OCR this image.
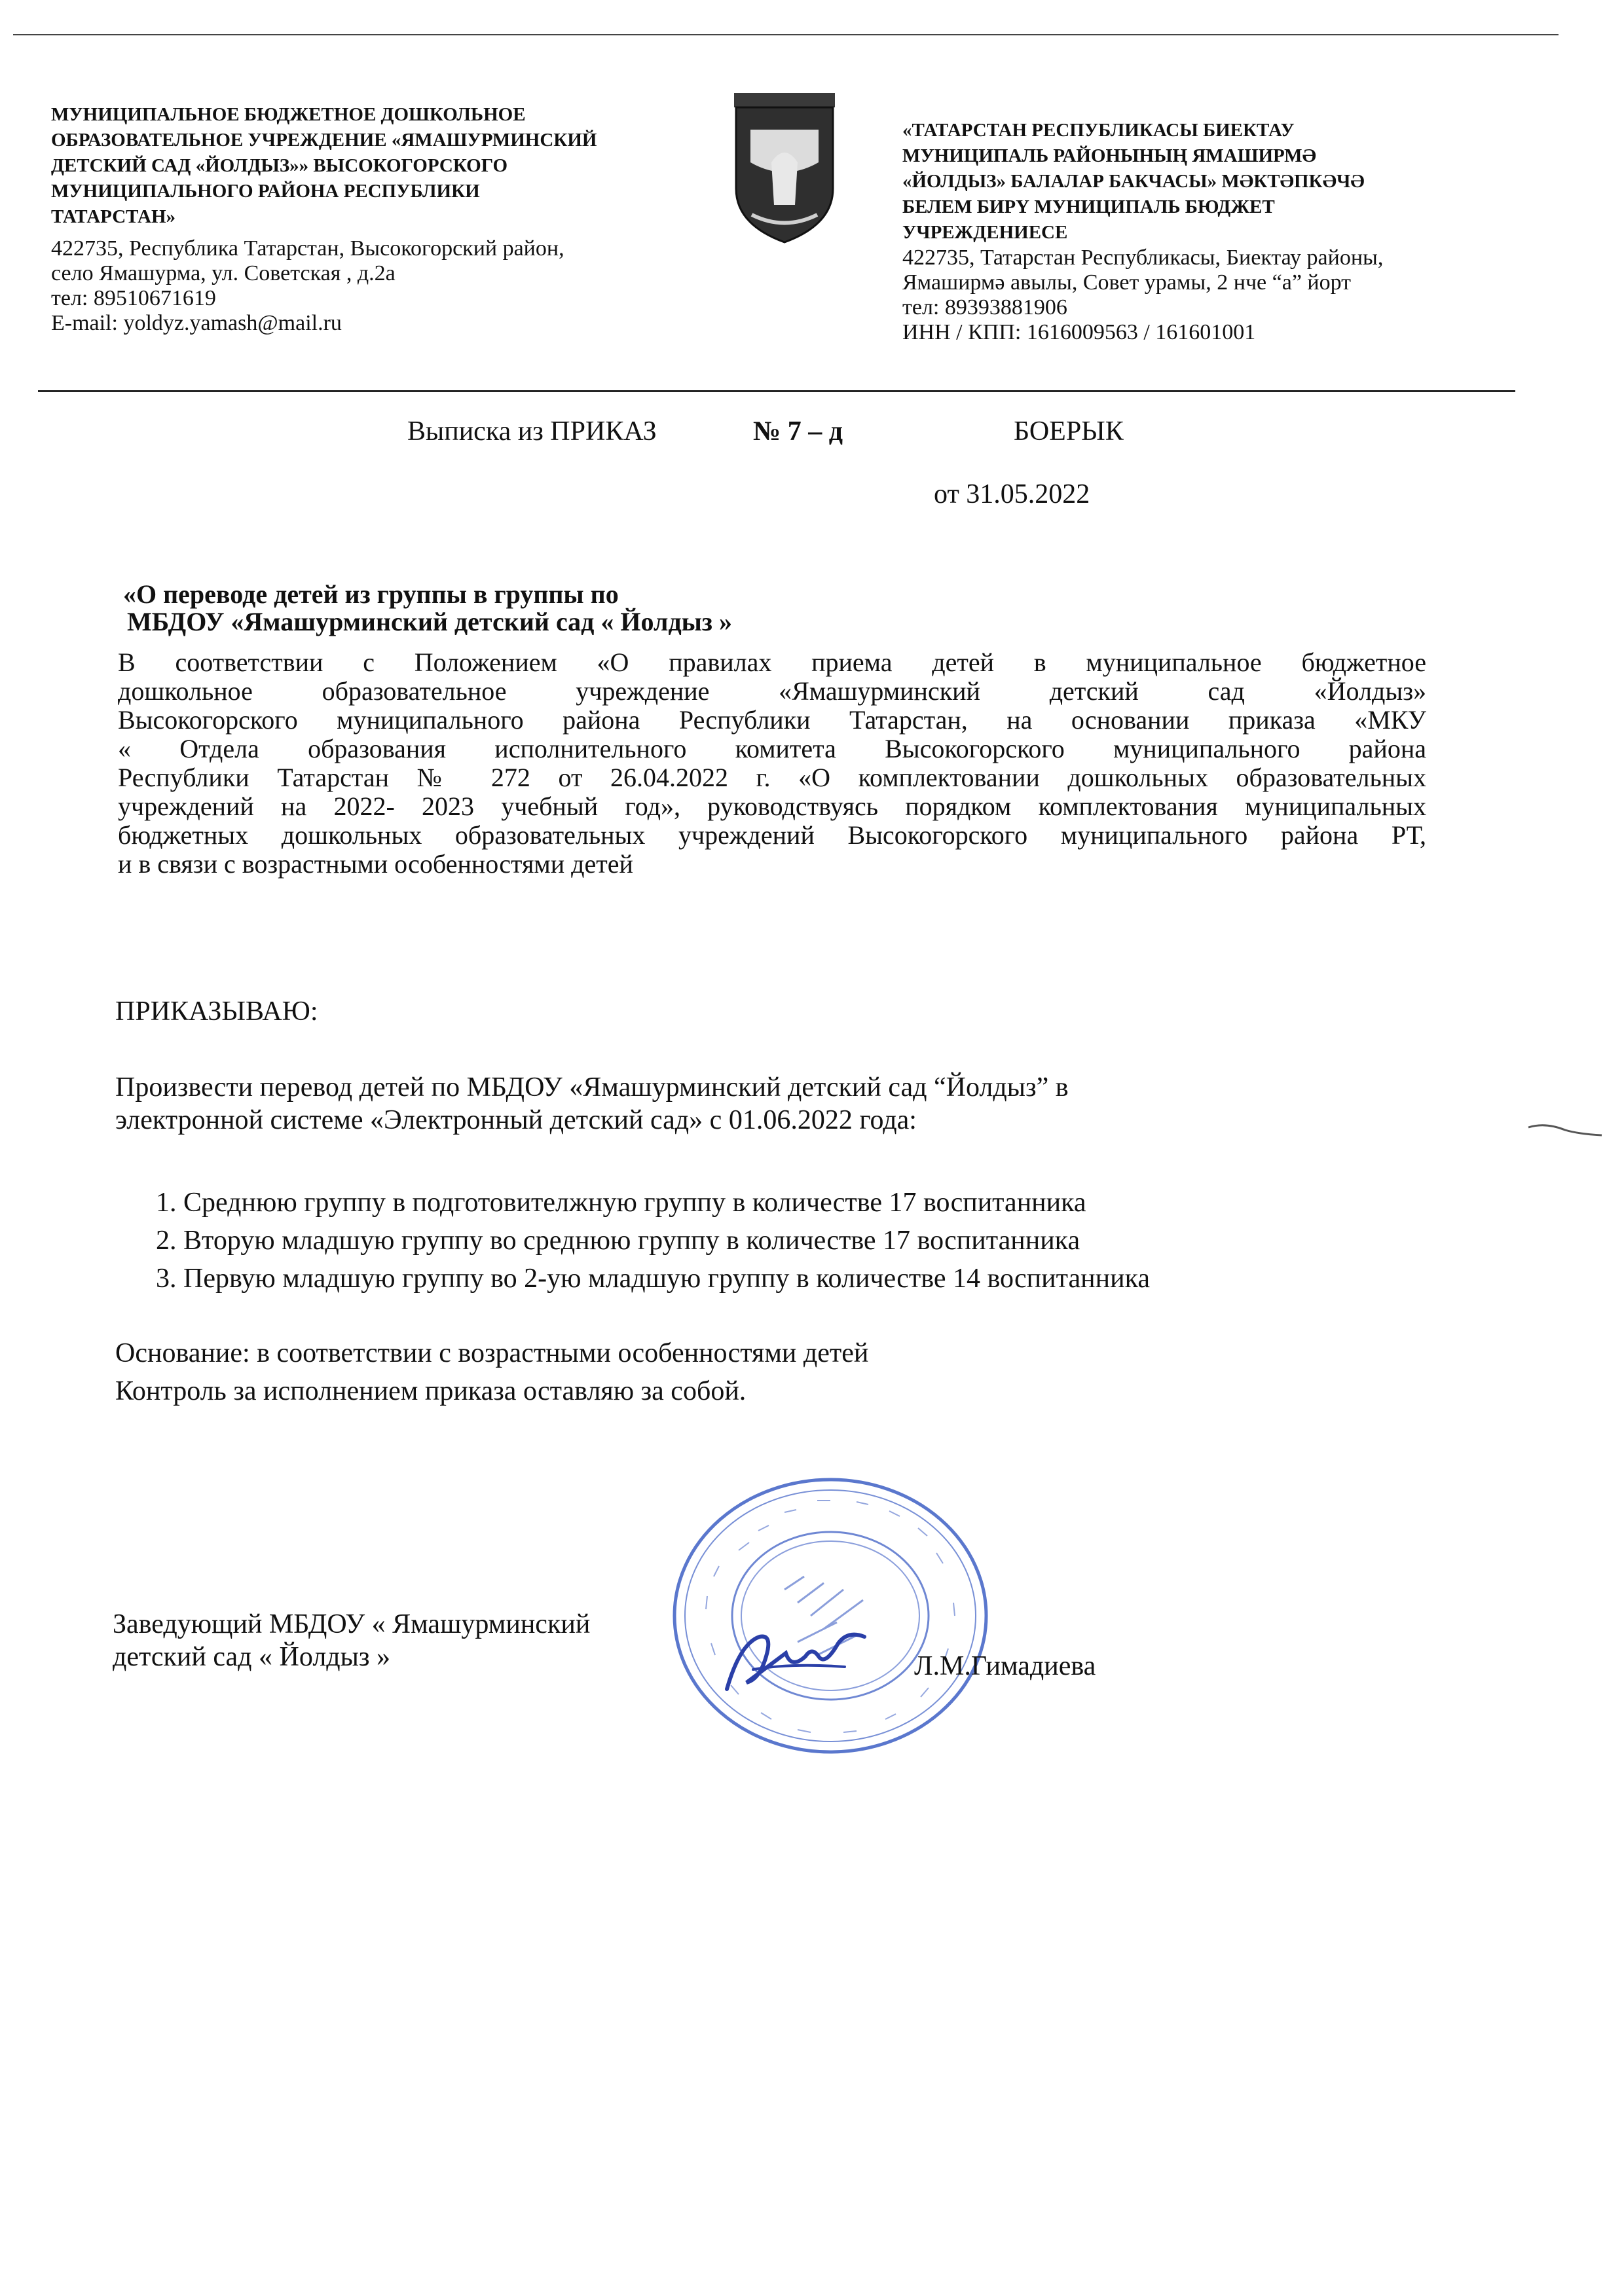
МУНИЦИПАЛЬНОЕ БЮДЖЕТНОЕ ДОШКОЛЬНОЕ
ОБРАЗОВАТЕЛЬНОЕ УЧРЕЖДЕНИЕ «ЯМАШУРМИНСКИЙ
ДЕТСКИЙ САД «ЙОЛДЫЗ»» ВЫСОКОГОРСКОГО
МУНИЦИПАЛЬНОГО РАЙОНА РЕСПУБЛИКИ
ТАТАРСТАН»
422735, Республика Татарстан, Высокогорский район,
село Ямашурма, ул. Советская , д.2а
тел: 89510671619
E-mail: yoldyz.yamash@mail.ru
«ТАТАРСТАН РЕСПУБЛИКАСЫ БИЕКТАУ
МУНИЦИПАЛЬ РАЙОНЫНЫҢ ЯМАШИРМӘ
«ЙОЛДЫЗ» БАЛАЛАР БАКЧАСЫ» МӘКТӘПКӘЧӘ
БЕЛЕМ БИРҮ МУНИЦИПАЛЬ БЮДЖЕТ
УЧРЕЖДЕНИЕСЕ
422735, Татарстан Республикасы, Биектау районы,
Ямаширмә авылы, Совет урамы, 2 нче “а” йорт
тел: 89393881906
ИНН / КПП: 1616009563 / 161601001
Выписка из ПРИКАЗ	№ 7 – д	БОЕРЫК
от 31.05.2022
«О переводе детей из группы в группы по
МБДОУ «Ямашурминский детский сад « Йолдыз »
В соответствии с Положением «О правилах приема детей в муниципальное бюджетное
дошкольное образовательное учреждение «Ямашурминский детский сад «Йолдыз»
Высокогорского муниципального района Республики Татарстан, на основании приказа «МКУ
« Отдела образования исполнительного комитета Высокогорского муниципального района
Республики Татарстан № 272 от 26.04.2022 г. «О комплектовании дошкольных образовательных
учреждений на 2022- 2023 учебный год», руководствуясь порядком комплектования муниципальных
бюджетных дошкольных образовательных учреждений Высокогорского муниципального района РТ,
и в связи с возрастными особенностями детей
ПРИКАЗЫВАЮ:
Произвести перевод детей по МБДОУ «Ямашурминский детский сад “Йолдыз” в
электронной системе «Электронный детский сад» с 01.06.2022 года:
1. Среднюю группу в подготовителжную группу в количестве 17 воспитанника
2. Вторую младшую группу во среднюю группу в количестве 17 воспитанника
3. Первую младшую группу во 2-ую младшую группу в количестве 14 воспитанника
Основание: в соответствии с возрастными особенностями детей
Контроль за исполнением приказа оставляю за собой.
Заведующий МБДОУ « Ямашурминский
детский сад « Йолдыз »	Л.М.Гимадиева
